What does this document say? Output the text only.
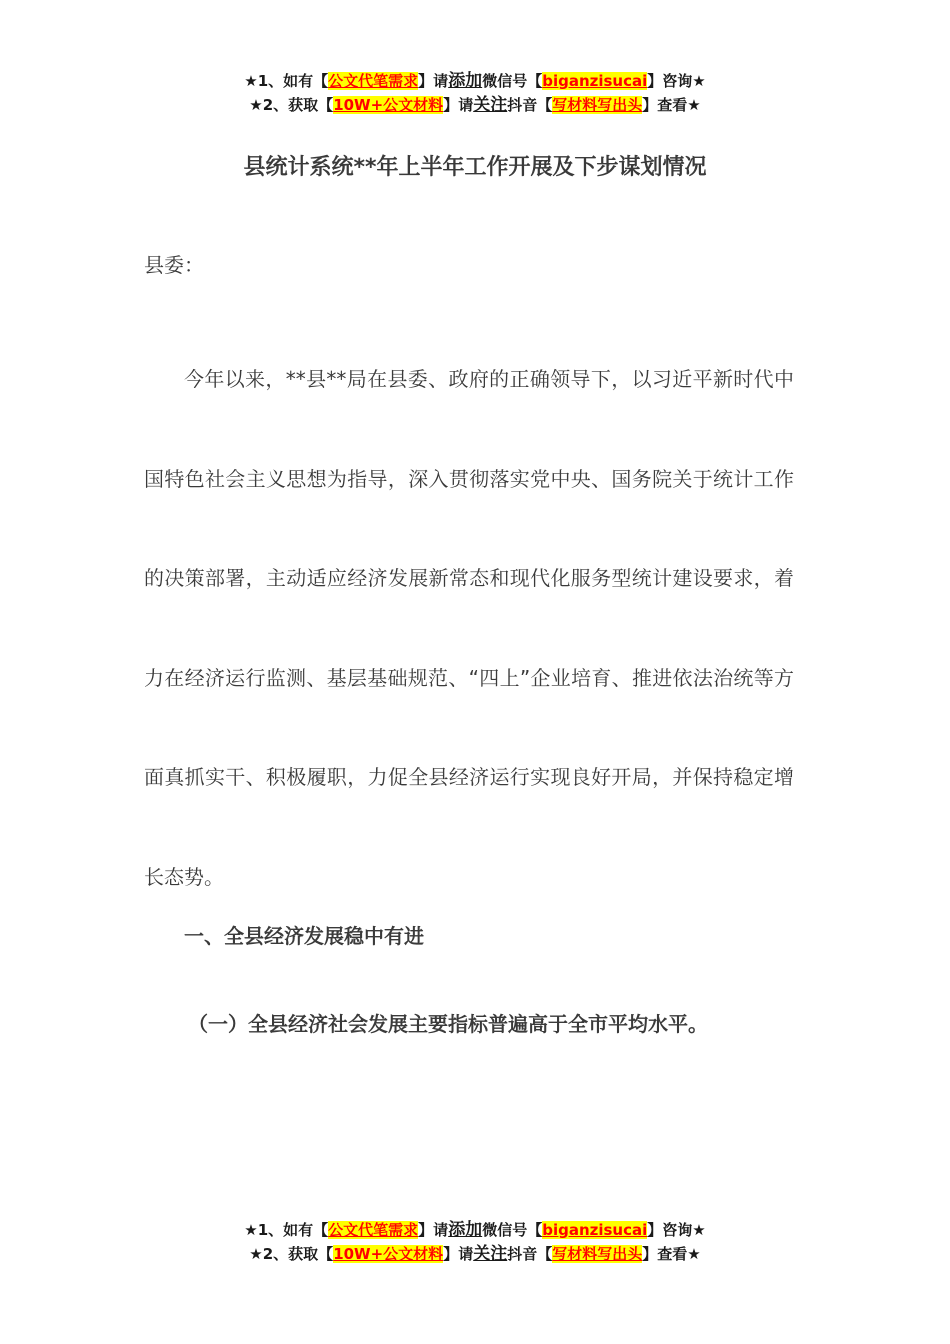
★1、如有【公文代笔需求】请添加微信号【biganzisucai】咨询★
★2、获取【10W+公文材料】请关注抖音【写材料写出头】查看★
县统计系统**年上半年工作开展及下步谋划情况

县委：

今年以来，**县**局在县委、政府的正确领导下，以习近平新时代中国特色社会主义思想为指导，深入贯彻落实党中央、国务院关于统计工作的决策部署，主动适应经济发展新常态和现代化服务型统计建设要求，着力在经济运行监测、基层基础规范、“四上”企业培育、推进依法治统等方面真抓实干、积极履职，力促全县经济运行实现良好开局，并保持稳定增长态势。

一、全县经济发展稳中有进
（一）全县经济社会发展主要指标普遍高于全市平均水平。
★1、如有【公文代笔需求】请添加微信号【biganzisucai】咨询★
★2、获取【10W+公文材料】请关注抖音【写材料写出头】查看★
